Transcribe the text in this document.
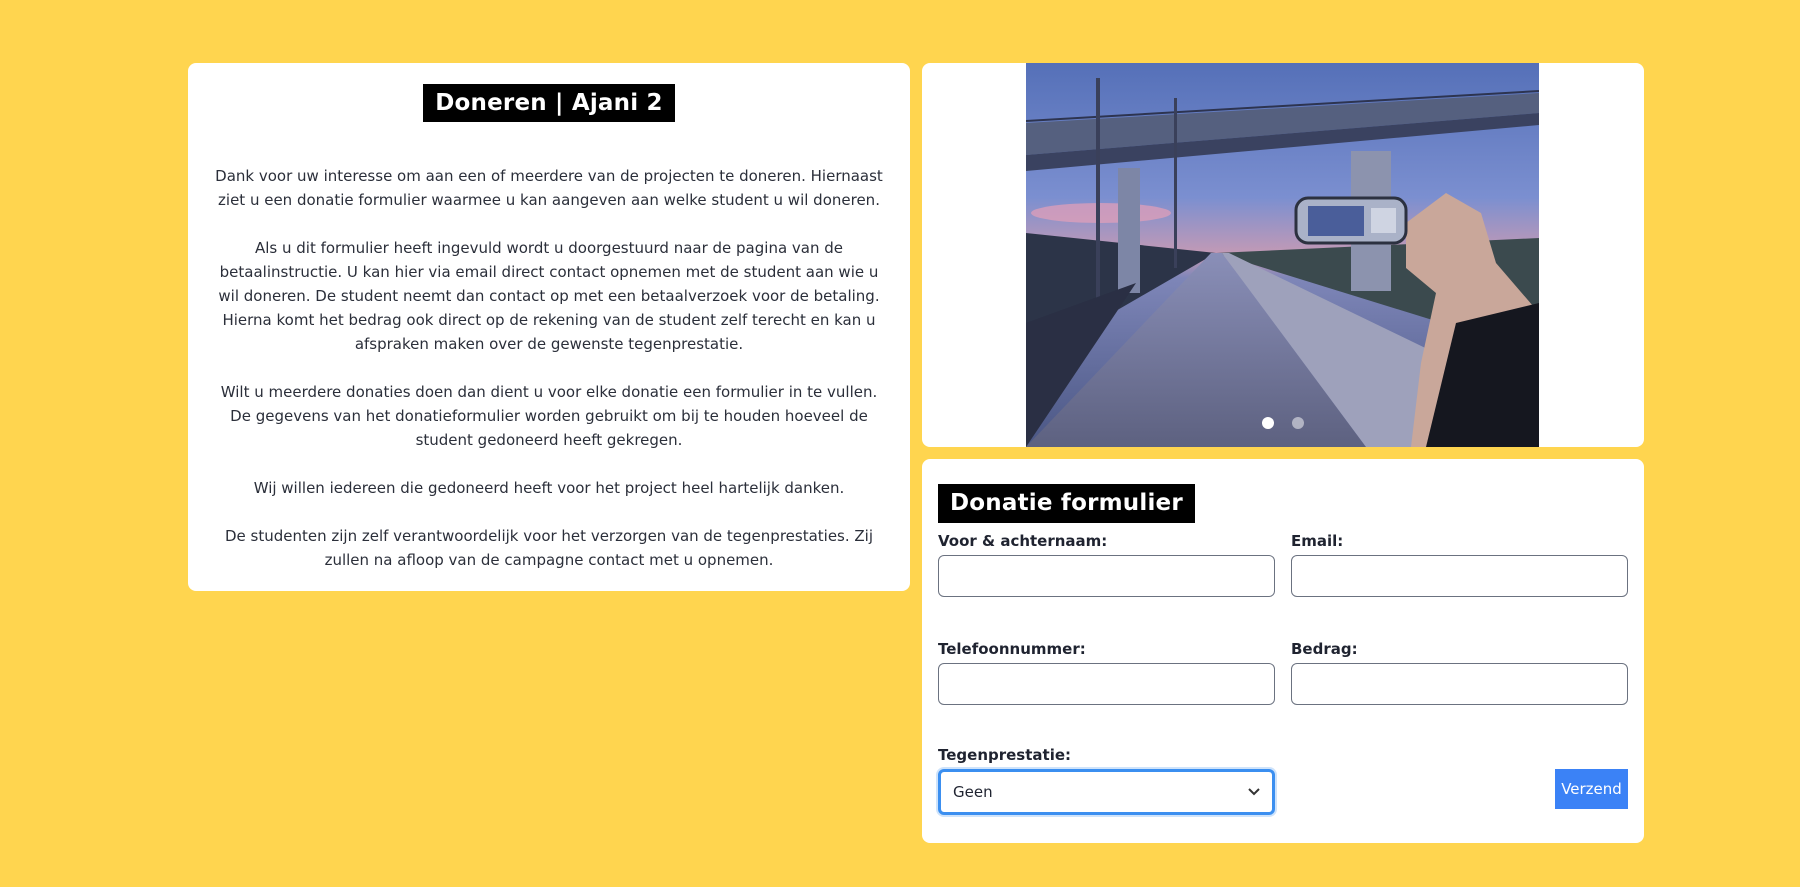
Doneren | Ajani 2

Dank voor uw interesse om aan een of meerdere van de projecten te doneren. Hiernaast ziet u een donatie formulier waarmee u kan aangeven aan welke student u wil doneren.

Als u dit formulier heeft ingevuld wordt u doorgestuurd naar de pagina van de betaalinstructie. U kan hier via email direct contact opnemen met de student aan wie u wil doneren. De student neemt dan contact op met een betaalverzoek voor de betaling. Hierna komt het bedrag ook direct op de rekening van de student zelf terecht en kan u afspraken maken over de gewenste tegenprestatie.

Wilt u meerdere donaties doen dan dient u voor elke donatie een formulier in te vullen. De gegevens van het donatieformulier worden gebruikt om bij te houden hoeveel de student gedoneerd heeft gekregen.

Wij willen iedereen die gedoneerd heeft voor het project heel hartelijk danken.

De studenten zijn zelf verantwoordelijk voor het verzorgen van de tegenprestaties. Zij zullen na afloop van de campagne contact met u opnemen.

Donatie formulier
Voor & achternaam:	Email:
Telefoonnummer:	Bedrag:
Tegenprestatie:
Geen
Verzend
